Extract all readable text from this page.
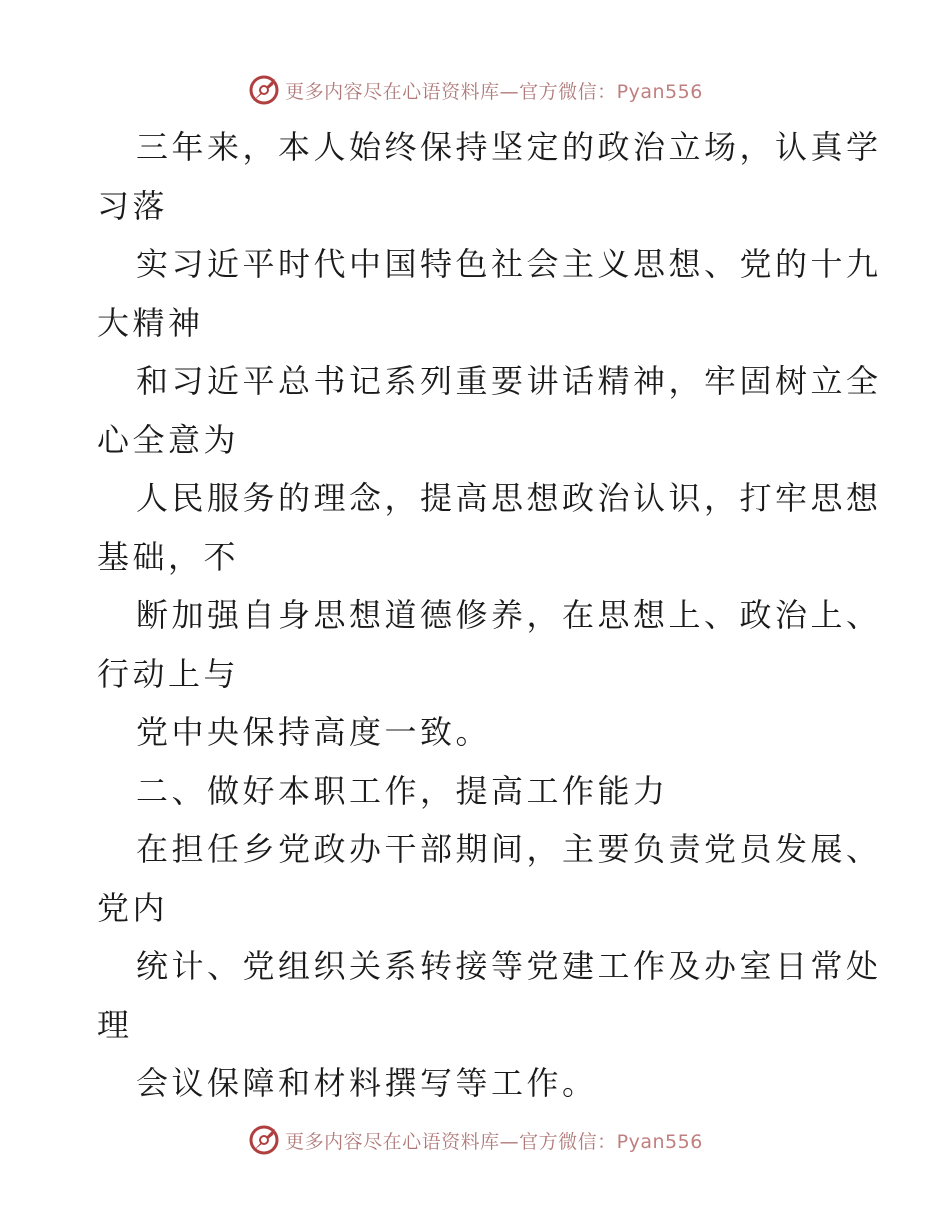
更多内容尽在心语资料库—官方微信：Pyan556
三年来，本人始终保持坚定的政治立场，认真学
习落
实习近平时代中国特色社会主义思想、党的十九
大精神
和习近平总书记系列重要讲话精神，牢固树立全
心全意为
人民服务的理念，提高思想政治认识，打牢思想
基础，不
断加强自身思想道德修养，在思想上、政治上、
行动上与
党中央保持高度一致。
二、做好本职工作，提高工作能力
在担任乡党政办干部期间，主要负责党员发展、
党内
统计、党组织关系转接等党建工作及办室日常处
理
会议保障和材料撰写等工作。
更多内容尽在心语资料库—官方微信：Pyan556
